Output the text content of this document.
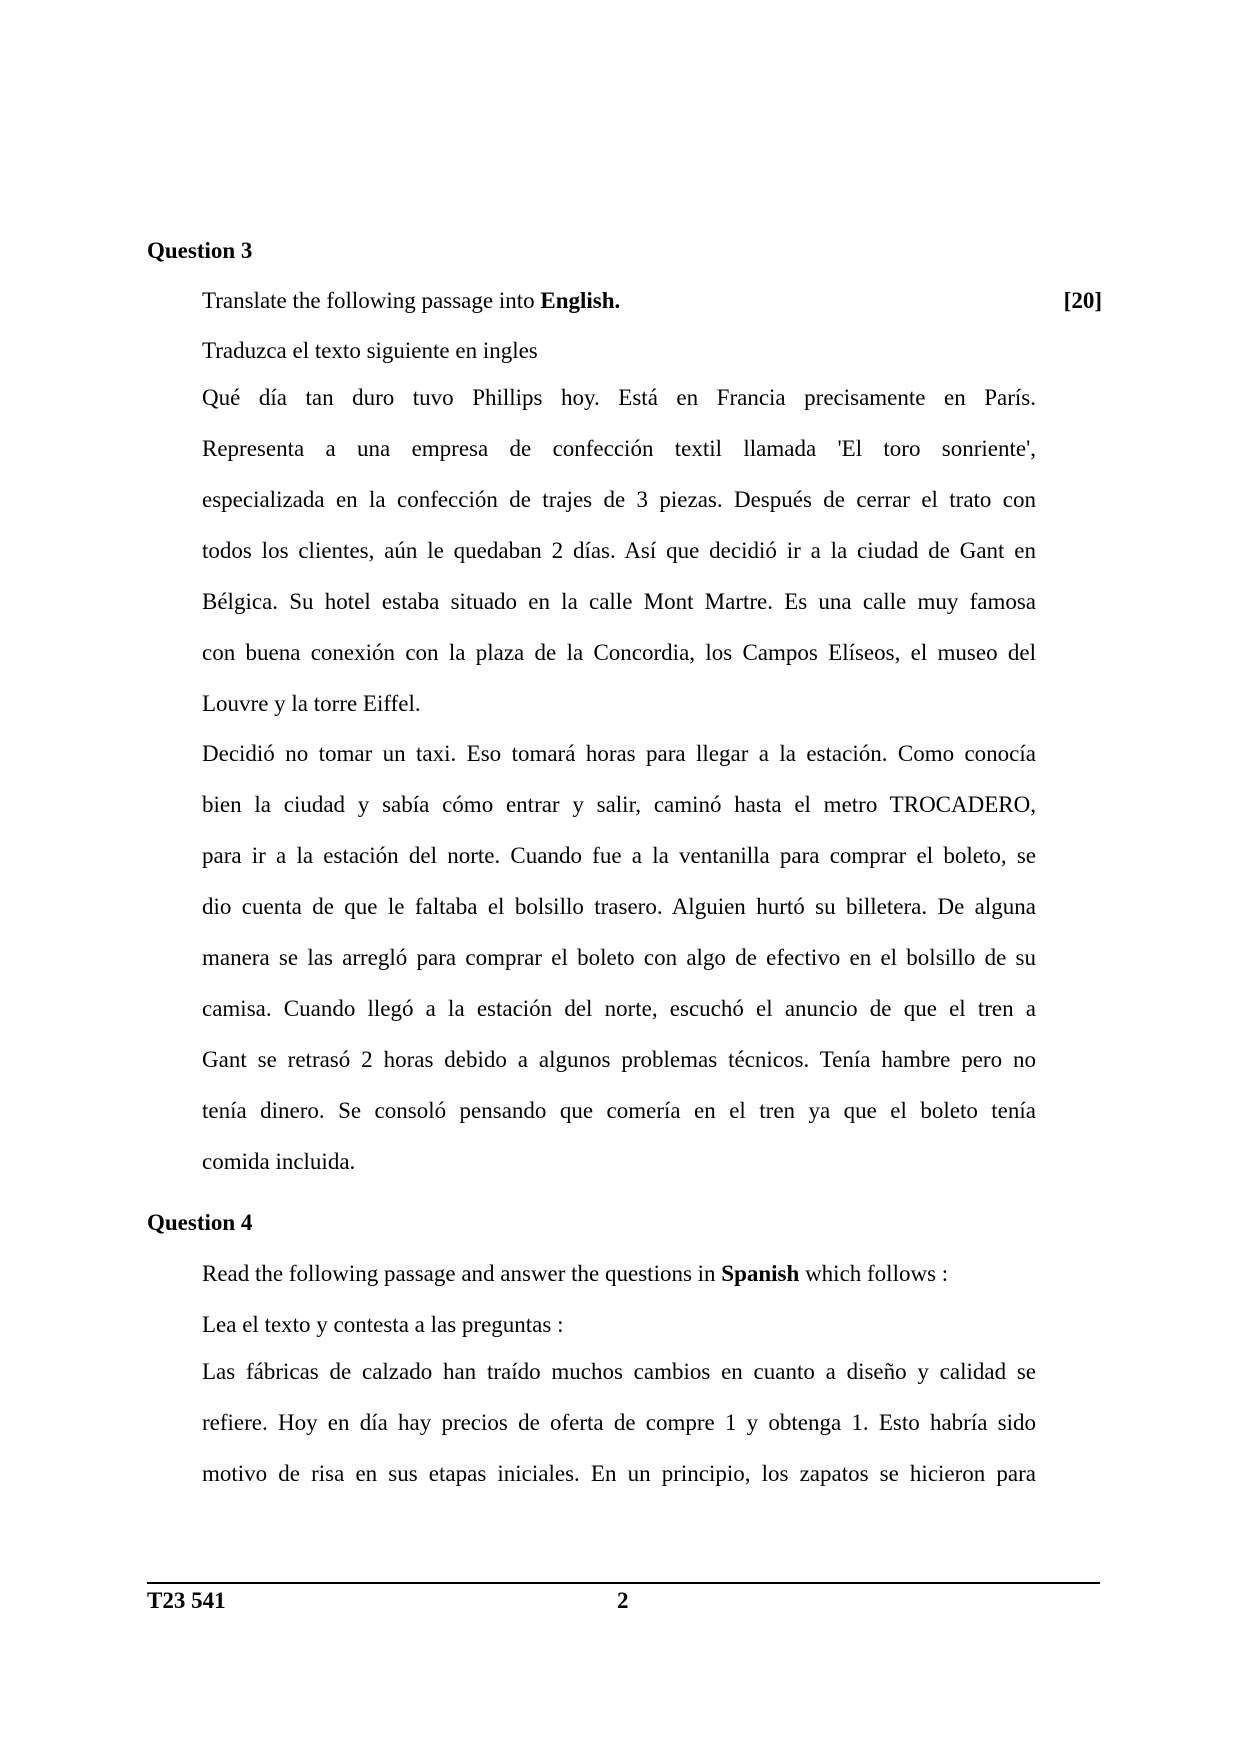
Question 3
Translate the following passage into English.	[20]
Traduzca el texto siguiente en ingles
Qué día tan duro tuvo Phillips hoy. Está en Francia precisamente en París.
Representa a una empresa de confección textil llamada 'El toro sonriente',
especializada en la confección de trajes de 3 piezas. Después de cerrar el trato con
todos los clientes, aún le quedaban 2 días. Así que decidió ir a la ciudad de Gant en
Bélgica. Su hotel estaba situado en la calle Mont Martre. Es una calle muy famosa
con buena conexión con la plaza de la Concordia, los Campos Elíseos, el museo del
Louvre y la torre Eiffel.
Decidió no tomar un taxi. Eso tomará horas para llegar a la estación. Como conocía
bien la ciudad y sabía cómo entrar y salir, caminó hasta el metro TROCADERO,
para ir a la estación del norte. Cuando fue a la ventanilla para comprar el boleto, se
dio cuenta de que le faltaba el bolsillo trasero. Alguien hurtó su billetera. De alguna
manera se las arregló para comprar el boleto con algo de efectivo en el bolsillo de su
camisa. Cuando llegó a la estación del norte, escuchó el anuncio de que el tren a
Gant se retrasó 2 horas debido a algunos problemas técnicos. Tenía hambre pero no
tenía dinero. Se consoló pensando que comería en el tren ya que el boleto tenía
comida incluida.
Question 4
Read the following passage and answer the questions in Spanish which follows :
Lea el texto y contesta a las preguntas :
Las fábricas de calzado han traído muchos cambios en cuanto a diseño y calidad se
refiere. Hoy en día hay precios de oferta de compre 1 y obtenga 1. Esto habría sido
motivo de risa en sus etapas iniciales. En un principio, los zapatos se hicieron para
T23 541	2
